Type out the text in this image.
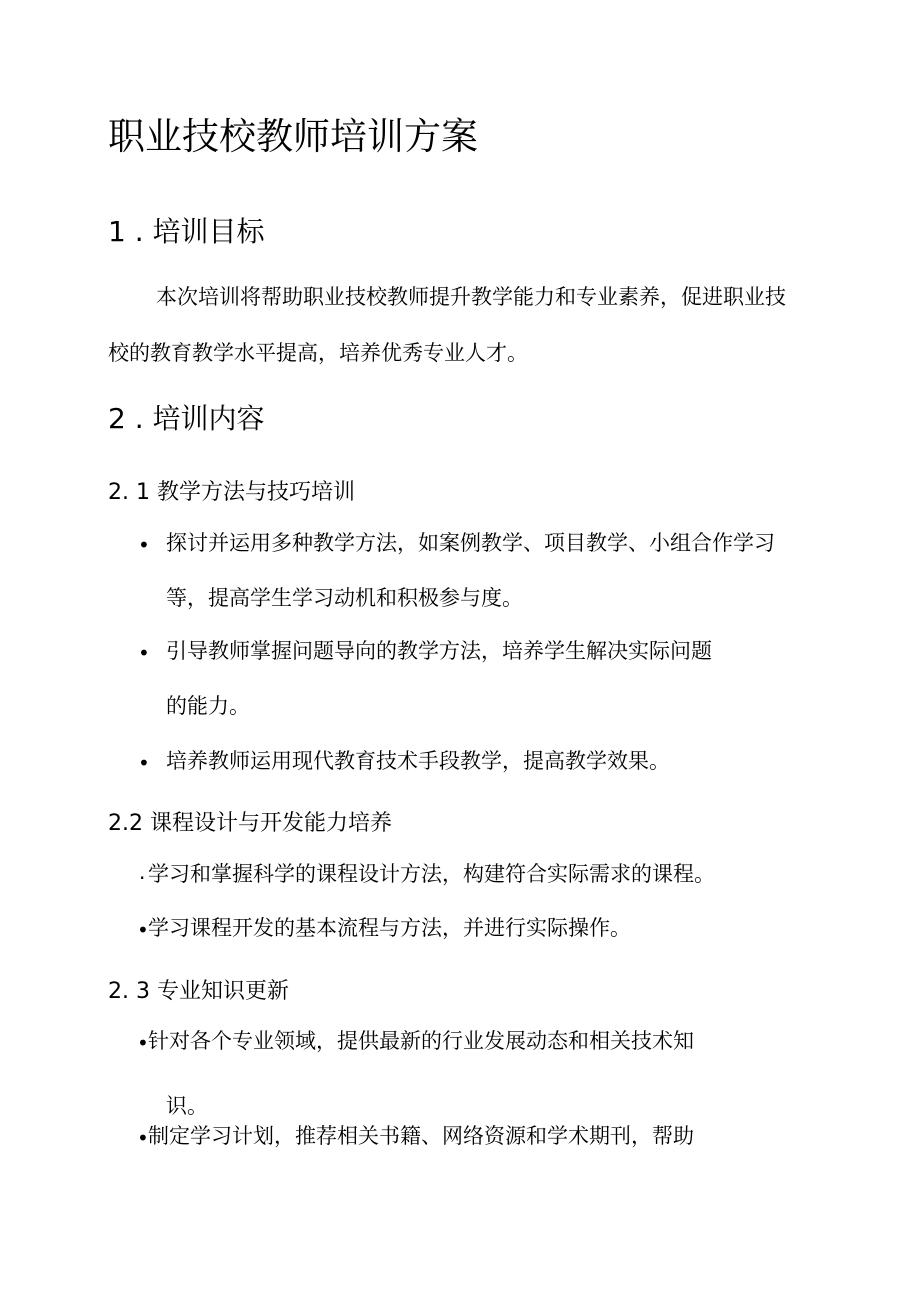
职业技校教师培训方案
1 . 培训目标

本次培训将帮助职业技校教师提升教学能力和专业素养，促进职业技

校的教育教学水平提高，培养优秀专业人才。

2 . 培训内容
2. 1 教学方法与技巧培训
• 探讨并运用多种教学方法，如案例教学、项目教学、小组合作学习

等，提高学生学习动机和积极参与度。

• 引导教师掌握问题导向的教学方法，培养学生解决实际问题

的能力。

• 培养教师运用现代教育技术手段教学，提高教学效果。

2.2 课程设计与开发能力培养
. 学习和掌握科学的课程设计方法，构建符合实际需求的课程。

• 学习课程开发的基本流程与方法，并进行实际操作。

2. 3 专业知识更新
• 针对各个专业领域，提供最新的行业发展动态和相关技术知

识。

• 制定学习计划，推荐相关书籍、网络资源和学术期刊，帮助
